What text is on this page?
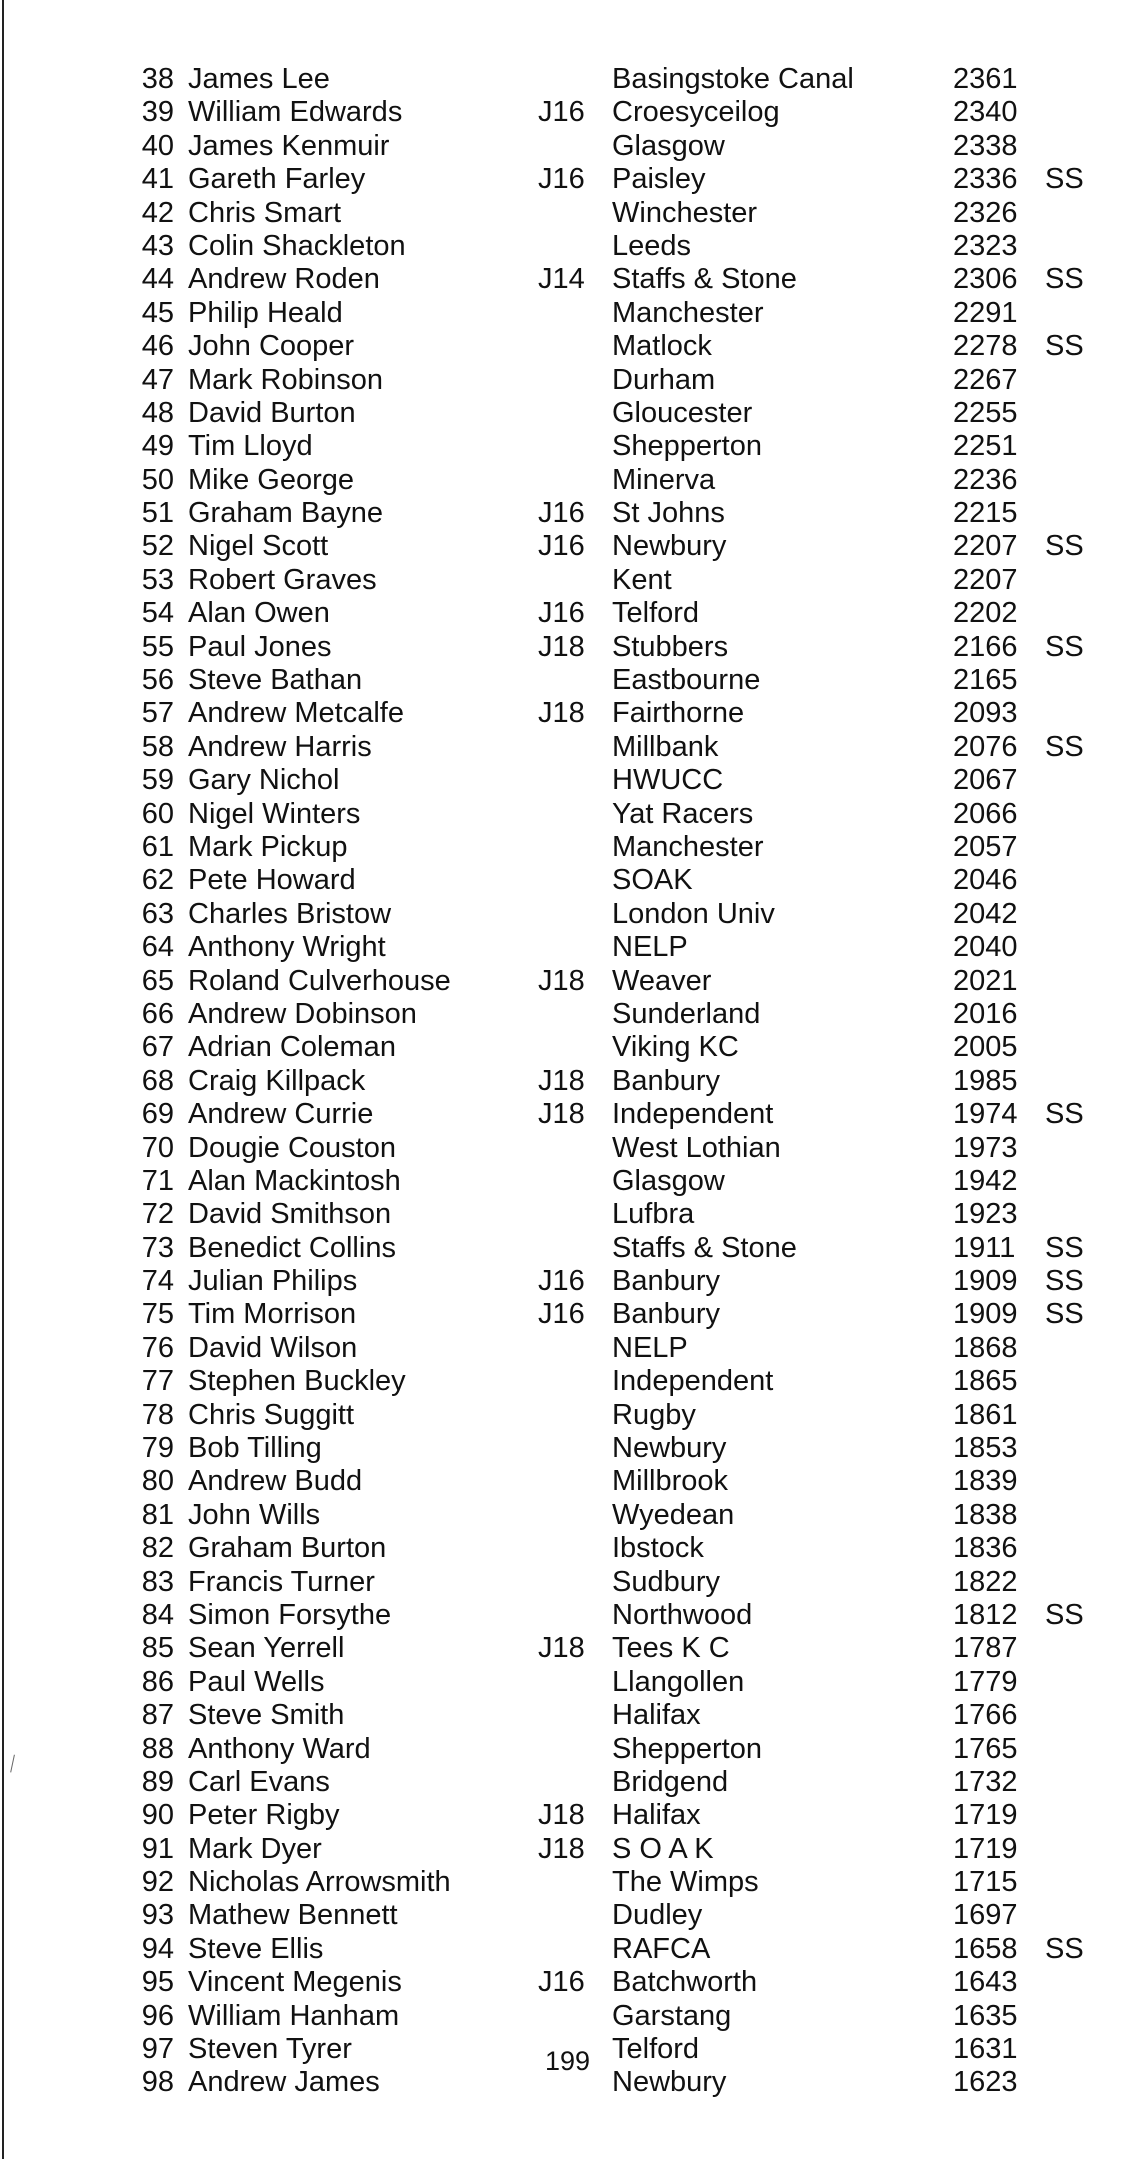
38 James Lee	Basingstoke Canal	2361
39 William Edwards	J16 Croesyceilog	2340
40 James Kenmuir	Glasgow	2338
41 Gareth Farley	J16 Paisley	2336 SS
42 Chris Smart	Winchester	2326
43 Colin Shackleton	Leeds	2323
44 Andrew Roden	J14 Staffs & Stone	2306 SS
45 Philip Heald	Manchester	2291
46 John Cooper	Matlock	2278 SS
47 Mark Robinson	Durham	2267
48 David Burton	Gloucester	2255
49 Tim Lloyd	Shepperton	2251
50 Mike George	Minerva	2236
51 Graham Bayne	J16 St Johns	2215
52 Nigel Scott	J16 Newbury	2207 SS
53 Robert Graves	Kent	2207
54 Alan Owen	J16 Telford	2202
55 Paul Jones	J18 Stubbers	2166 SS
56 Steve Bathan	Eastbourne	2165
57 Andrew Metcalfe	J18 Fairthorne	2093
58 Andrew Harris	Millbank	2076 SS
59 Gary Nichol	HWUCC	2067
60 Nigel Winters	Yat Racers	2066
61 Mark Pickup	Manchester	2057
62 Pete Howard	SOAK	2046
63 Charles Bristow	London Univ	2042
64 Anthony Wright	NELP	2040
65 Roland Culverhouse	J18 Weaver	2021
66 Andrew Dobinson	Sunderland	2016
67 Adrian Coleman	Viking KC	2005
68 Craig Killpack	J18 Banbury	1985
69 Andrew Currie	J18 Independent	1974 SS
70 Dougie Couston	West Lothian	1973
71 Alan Mackintosh	Glasgow	1942
72 David Smithson	Lufbra	1923
73 Benedict Collins	Staffs & Stone	1911 SS
74 Julian Philips	J16 Banbury	1909 SS
75 Tim Morrison	J16 Banbury	1909 SS
76 David Wilson	NELP	1868
77 Stephen Buckley	Independent	1865
78 Chris Suggitt	Rugby	1861
79 Bob Tilling	Newbury	1853
80 Andrew Budd	Millbrook	1839
81 John Wills	Wyedean	1838
82 Graham Burton	Ibstock	1836
83 Francis Turner	Sudbury	1822
84 Simon Forsythe	Northwood	1812 SS
85 Sean Yerrell	J18 Tees K C	1787
86 Paul Wells	Llangollen	1779
87 Steve Smith	Halifax	1766
88 Anthony Ward	Shepperton	1765
89 Carl Evans	Bridgend	1732
90 Peter Rigby	J18 Halifax	1719
91 Mark Dyer	J18 S O A K	1719
92 Nicholas Arrowsmith	The Wimps	1715
93 Mathew Bennett	Dudley	1697
94 Steve Ellis	RAFCA	1658 SS
95 Vincent Megenis	J16 Batchworth	1643
96 William Hanham	Garstang	1635
97 Steven Tyrer	Telford	1631
98 Andrew James	Newbury	1623
199
